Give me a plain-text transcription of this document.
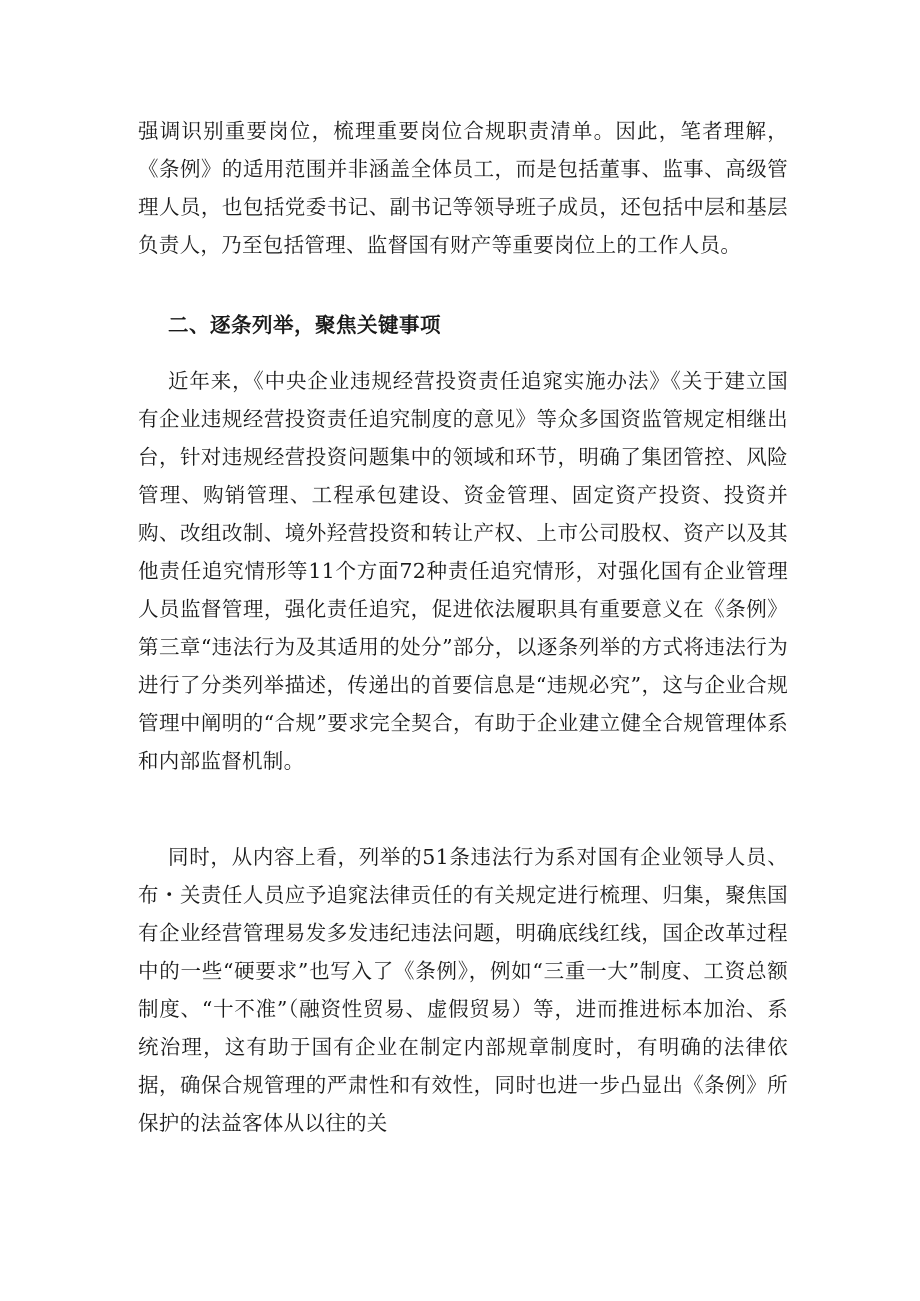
强调识别重要岗位，梳理重要岗位合规职责清单。因此，笔者理解，《条例》的适用范围并非涵盖全体员工，而是包括董事、监事、高级管理人员，也包括党委书记、副书记等领导班子成员，还包括中层和基层负责人，乃至包括管理、监督国有财产等重要岗位上的工作人员。

二、逐条列举，聚焦关键事项

近年来，《中央企业违规经营投资责任追窕实施办法》《关于建立国有企业违规经营投资责任追究制度的意见》等众多国资监管规定相继出台，针对违规经营投资问题集中的领域和环节，明确了集团管控、风险管理、购销管理、工程承包建设、资金管理、固定资产投资、投资并购、改组改制、境外羟营投资和转让产权、上市公司股权、资产以及其他责任追究情形等11个方面72种责任追究情形，对强化国有企业管理人员监督管理，强化责任追究，促进依法履职具有重要意义在《条例》第三章“违法行为及其适用的处分”部分，以逐条列举的方式将违法行为进行了分类列举描述，传递出的首要信息是“违规必究”，这与企业合规管理中阐明的“合规”要求完全契合，有助于企业建立健全合规管理体系和内部监督机制。

同时，从内容上看，列举的51条违法行为系对国有企业领导人员、布・关责任人员应予追窕法律贡任的有关规定进行梳理、归集，聚焦国有企业经营管理易发多发违纪违法问题，明确底线红线，国企改革过程中的一些“硬要求”也写入了《条例》，例如“三重一大”制度、工资总额制度、“十不准”（融资性贸易、虚假贸易）等，进而推进标本加治、系统治理，这有助于国有企业在制定内部规章制度时，有明确的法律依据，确保合规管理的严肃性和有效性，同时也进一步凸显出《条例》所保护的法益客体从以往的关
